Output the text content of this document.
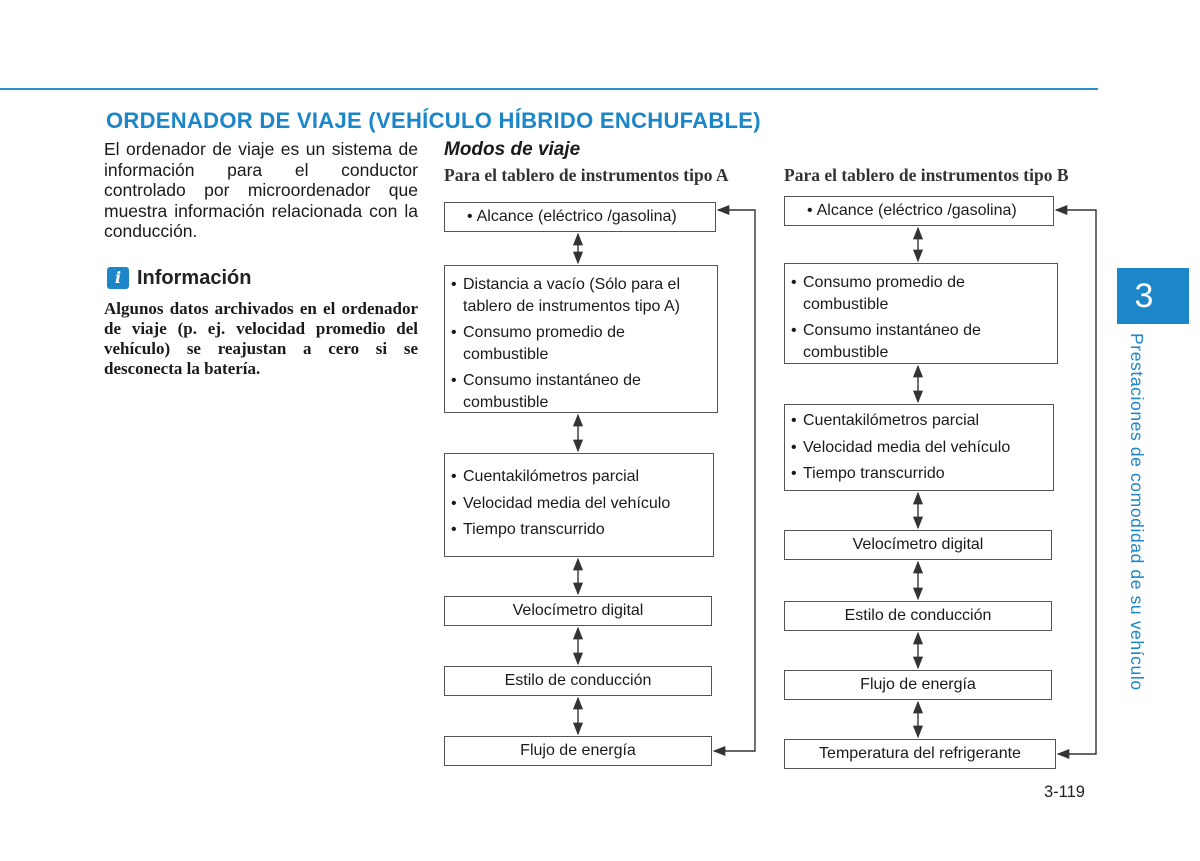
ORDENADOR DE VIAJE (VEHÍCULO HÍBRIDO ENCHUFABLE)
El ordenador de viaje es un sistema de información para el conductor controlado por microordenador que muestra información relacionada con la conducción.
i Información
Algunos datos archivados en el ordenador de viaje (p. ej. velocidad promedio del vehículo) se reajustan a cero si se desconecta la batería.
Modos de viaje
Para el tablero de instrumentos tipo A	Para el tablero de instrumentos tipo B
• Alcance (eléctrico /gasolina)
• Distancia a vacío (Sólo para el tablero de instrumentos tipo A)
• Consumo promedio de combustible
• Consumo instantáneo de combustible
• Cuentakilómetros parcial
• Velocidad media del vehículo
• Tiempo transcurrido
Velocímetro digital
Estilo de conducción
Flujo de energía
• Alcance (eléctrico /gasolina)
• Consumo promedio de combustible
• Consumo instantáneo de combustible
• Cuentakilómetros parcial
• Velocidad media del vehículo
• Tiempo transcurrido
Velocímetro digital
Estilo de conducción
Flujo de energía
Temperatura del refrigerante
3
Prestaciones de comodidad de su vehículo
3-119
